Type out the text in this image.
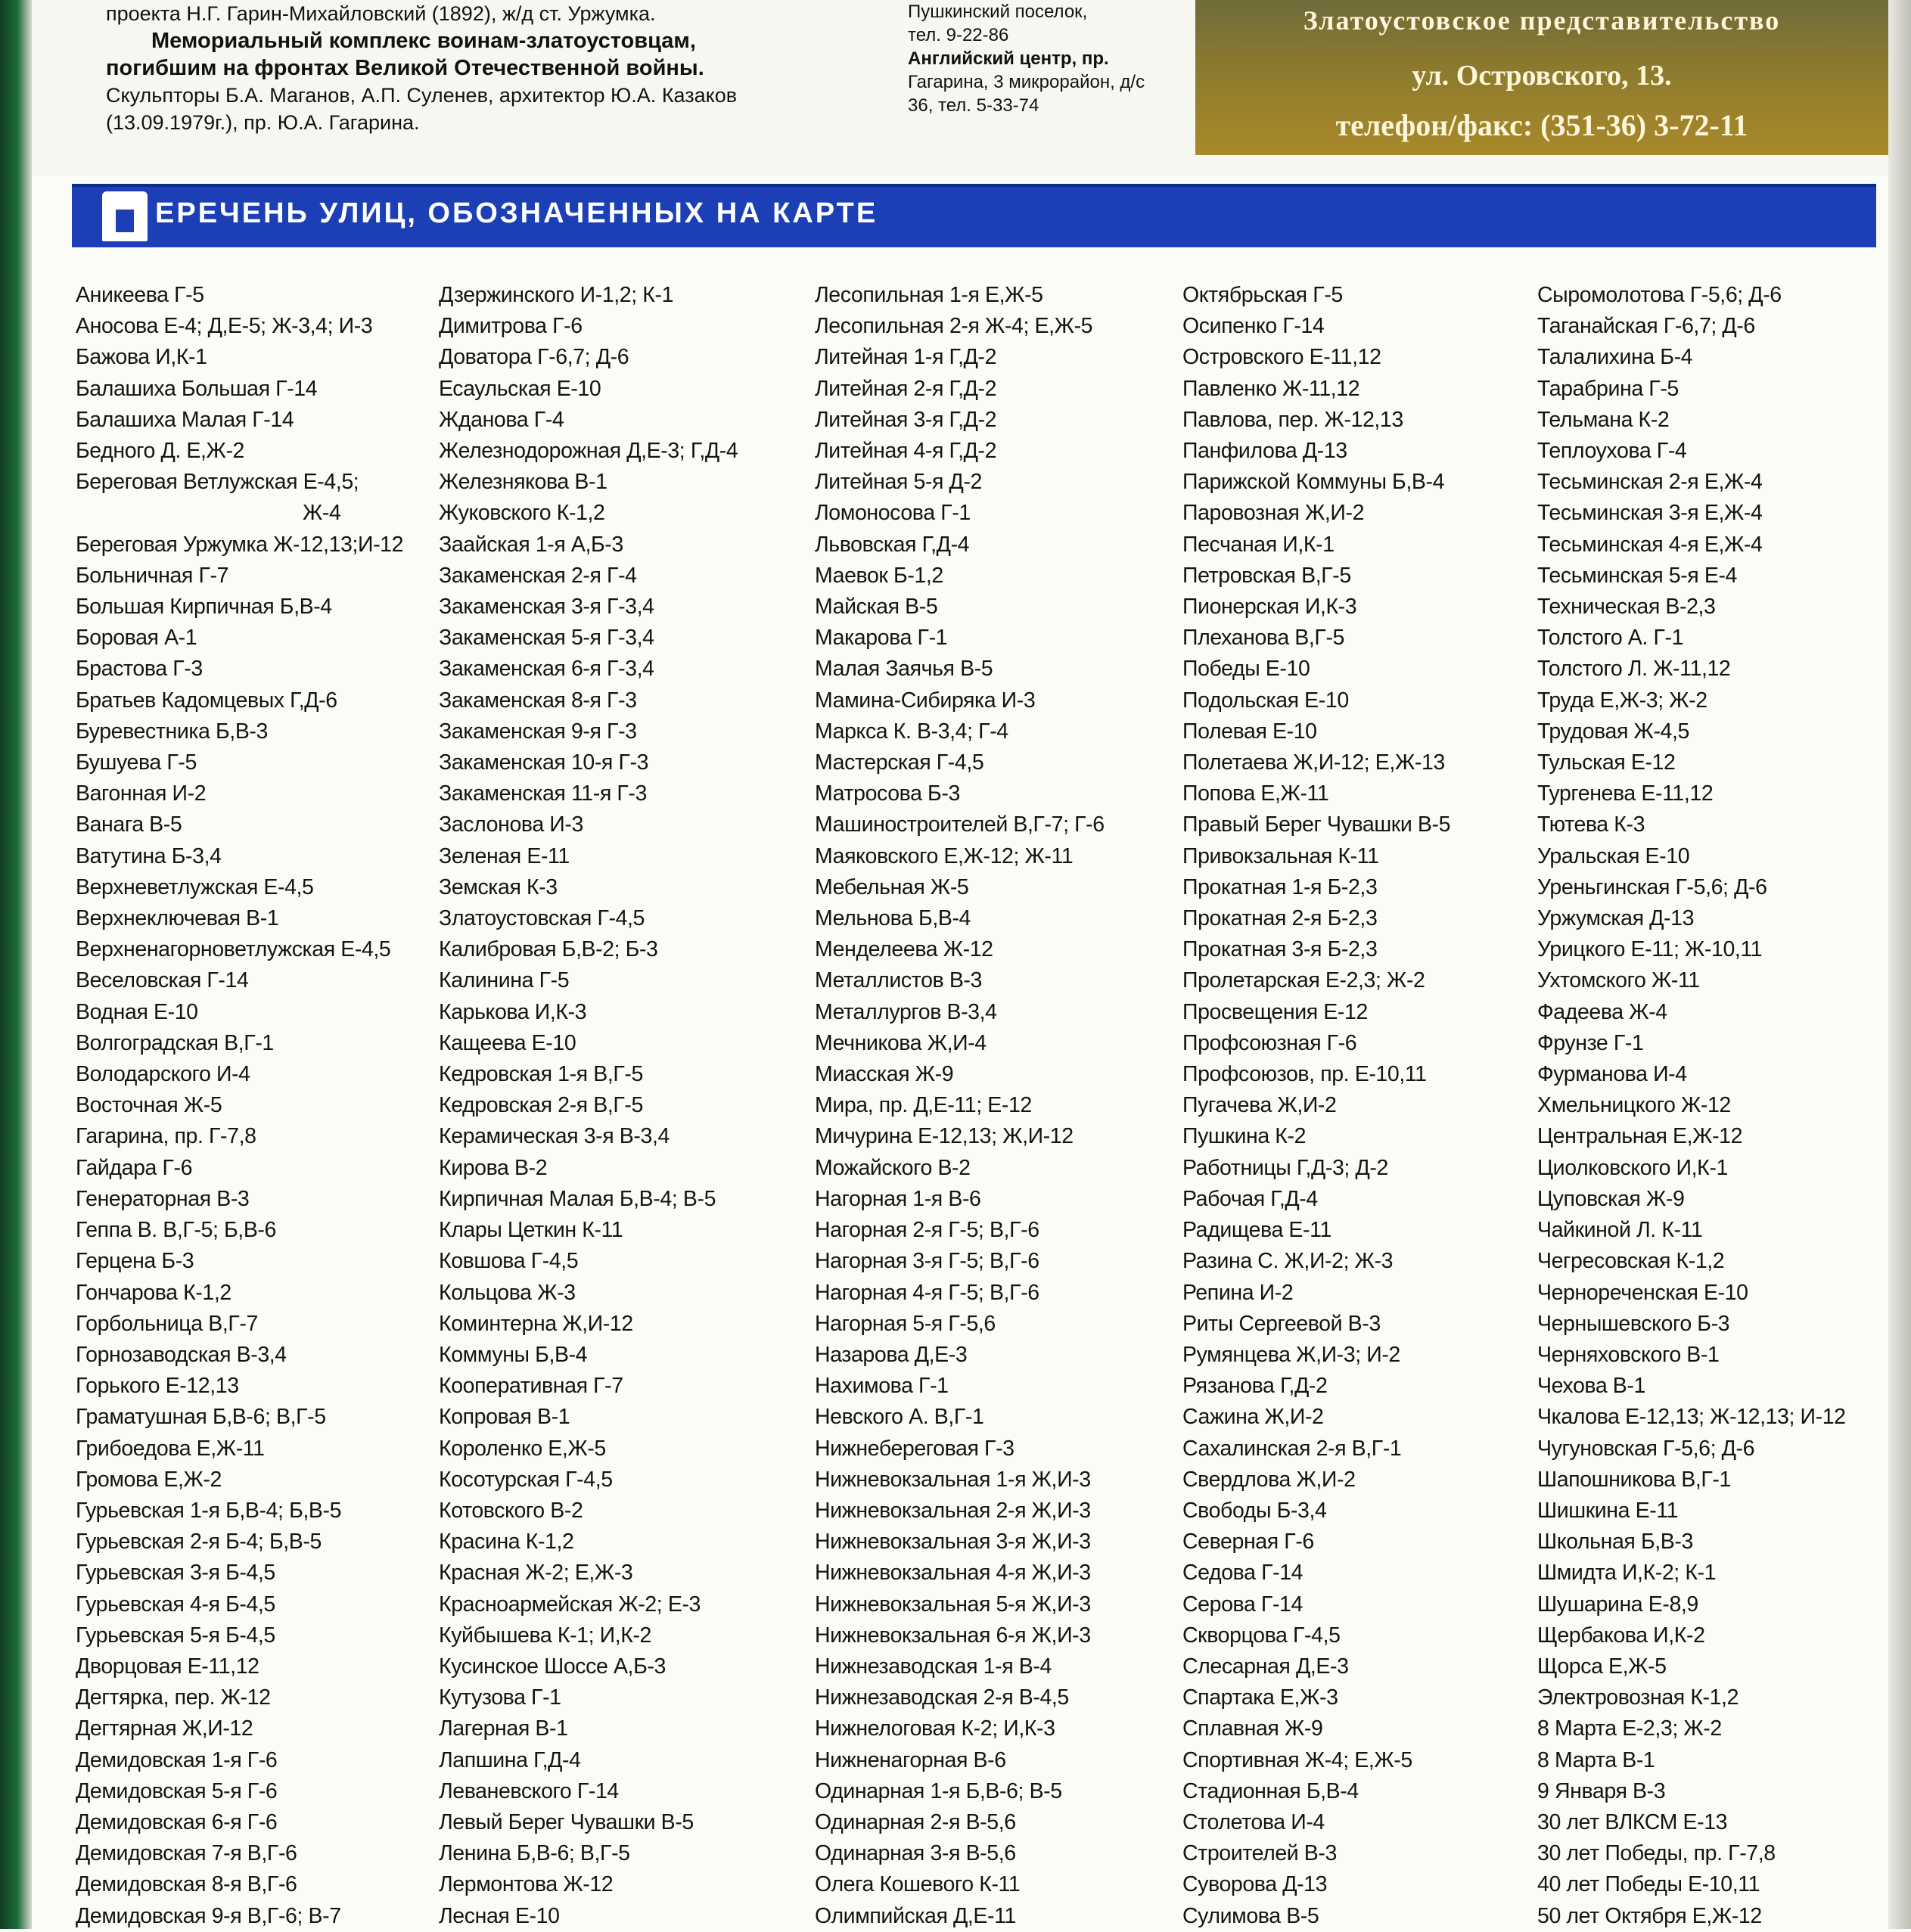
проекта Н.Г. Гарин-Михайловский (1892), ж/д ст. Уржумка.
Мемориальный комплекс воинам-златоустовцам,
погибшим на фронтах Великой Отечественной войны.
Скульпторы Б.А. Маганов, А.П. Суленев, архитектор Ю.А. Казаков
(13.09.1979г.), пр. Ю.А. Гагарина.
Пушкинский поселок,
тел. 9-22-86
Английский центр, пр.
Гагарина, 3 микрорайон, д/с
36, тел. 5-33-74
Златоустовское представительство
ул. Островского, 13.
телефон/факс: (351-36) 3-72-11
ЕРЕЧЕНЬ УЛИЦ, ОБОЗНАЧЕННЫХ НА КАРТЕ
Аникеева Г-5
Аносова Е-4; Д,Е-5; Ж-3,4; И-3
Бажова И,К-1
Балашиха Большая Г-14
Балашиха Малая Г-14
Бедного Д. Е,Ж-2
Береговая Ветлужская Е-4,5;
Ж-4
Береговая Уржумка Ж-12,13;И-12
Больничная Г-7
Большая Кирпичная Б,В-4
Боровая А-1
Брастова Г-3
Братьев Кадомцевых Г,Д-6
Буревестника Б,В-3
Бушуева Г-5
Вагонная И-2
Ванага В-5
Ватутина Б-3,4
Верхневетлужская Е-4,5
Верхнеключевая В-1
Верхненагорноветлужская Е-4,5
Веселовская Г-14
Водная Е-10
Волгоградская В,Г-1
Володарского И-4
Восточная Ж-5
Гагарина, пр. Г-7,8
Гайдара Г-6
Генераторная В-3
Геппа В. В,Г-5; Б,В-6
Герцена Б-3
Гончарова К-1,2
Горбольница В,Г-7
Горнозаводская В-3,4
Горького Е-12,13
Граматушная Б,В-6; В,Г-5
Грибоедова Е,Ж-11
Громова Е,Ж-2
Гурьевская 1-я Б,В-4; Б,В-5
Гурьевская 2-я Б-4; Б,В-5
Гурьевская 3-я Б-4,5
Гурьевская 4-я Б-4,5
Гурьевская 5-я Б-4,5
Дворцовая Е-11,12
Дегтярка, пер. Ж-12
Дегтярная Ж,И-12
Демидовская 1-я Г-6
Демидовская 5-я Г-6
Демидовская 6-я Г-6
Демидовская 7-я В,Г-6
Демидовская 8-я В,Г-6
Демидовская 9-я В,Г-6; В-7
Дзержинского И-1,2; К-1
Димитрова Г-6
Доватора Г-6,7; Д-6
Есаульская Е-10
Жданова Г-4
Железнодорожная Д,Е-3; Г,Д-4
Железнякова В-1
Жуковского К-1,2
Заайская 1-я А,Б-3
Закаменская 2-я Г-4
Закаменская 3-я Г-3,4
Закаменская 5-я Г-3,4
Закаменская 6-я Г-3,4
Закаменская 8-я Г-3
Закаменская 9-я Г-3
Закаменская 10-я Г-3
Закаменская 11-я Г-3
Заслонова И-3
Зеленая Е-11
Земская К-3
Златоустовская Г-4,5
Калибровая Б,В-2; Б-3
Калинина Г-5
Карькова И,К-3
Кащеева Е-10
Кедровская 1-я В,Г-5
Кедровская 2-я В,Г-5
Керамическая 3-я В-3,4
Кирова В-2
Кирпичная Малая Б,В-4; В-5
Клары Цеткин К-11
Ковшова Г-4,5
Кольцова Ж-3
Коминтерна Ж,И-12
Коммуны Б,В-4
Кооперативная Г-7
Копровая В-1
Короленко Е,Ж-5
Косотурская Г-4,5
Котовского В-2
Красина К-1,2
Красная Ж-2; Е,Ж-3
Красноармейская Ж-2; Е-3
Куйбышева К-1; И,К-2
Кусинское Шоссе А,Б-3
Кутузова Г-1
Лагерная В-1
Лапшина Г,Д-4
Леваневского Г-14
Левый Берег Чувашки В-5
Ленина Б,В-6; В,Г-5
Лермонтова Ж-12
Лесная Е-10
Лесопильная 1-я Е,Ж-5
Лесопильная 2-я Ж-4; Е,Ж-5
Литейная 1-я Г,Д-2
Литейная 2-я Г,Д-2
Литейная 3-я Г,Д-2
Литейная 4-я Г,Д-2
Литейная 5-я Д-2
Ломоносова Г-1
Львовская Г,Д-4
Маевок Б-1,2
Майская В-5
Макарова Г-1
Малая Заячья В-5
Мамина-Сибиряка И-3
Маркса К. В-3,4; Г-4
Мастерская Г-4,5
Матросова Б-3
Машиностроителей В,Г-7; Г-6
Маяковского Е,Ж-12; Ж-11
Мебельная Ж-5
Мельнова Б,В-4
Менделеева Ж-12
Металлистов В-3
Металлургов В-3,4
Мечникова Ж,И-4
Миасская Ж-9
Мира, пр. Д,Е-11; Е-12
Мичурина Е-12,13; Ж,И-12
Можайского В-2
Нагорная 1-я В-6
Нагорная 2-я Г-5; В,Г-6
Нагорная 3-я Г-5; В,Г-6
Нагорная 4-я Г-5; В,Г-6
Нагорная 5-я Г-5,6
Назарова Д,Е-3
Нахимова Г-1
Невского А. В,Г-1
Нижнебереговая Г-3
Нижневокзальная 1-я Ж,И-3
Нижневокзальная 2-я Ж,И-3
Нижневокзальная 3-я Ж,И-3
Нижневокзальная 4-я Ж,И-3
Нижневокзальная 5-я Ж,И-3
Нижневокзальная 6-я Ж,И-3
Нижнезаводская 1-я В-4
Нижнезаводская 2-я В-4,5
Нижнелоговая К-2; И,К-3
Нижненагорная В-6
Одинарная 1-я Б,В-6; В-5
Одинарная 2-я В-5,6
Одинарная 3-я В-5,6
Олега Кошевого К-11
Олимпийская Д,Е-11
Октябрьская Г-5
Осипенко Г-14
Островского Е-11,12
Павленко Ж-11,12
Павлова, пер. Ж-12,13
Панфилова Д-13
Парижской Коммуны Б,В-4
Паровозная Ж,И-2
Песчаная И,К-1
Петровская В,Г-5
Пионерская И,К-3
Плеханова В,Г-5
Победы Е-10
Подольская Е-10
Полевая Е-10
Полетаева Ж,И-12; Е,Ж-13
Попова Е,Ж-11
Правый Берег Чувашки В-5
Привокзальная К-11
Прокатная 1-я Б-2,3
Прокатная 2-я Б-2,3
Прокатная 3-я Б-2,3
Пролетарская Е-2,3; Ж-2
Просвещения Е-12
Профсоюзная Г-6
Профсоюзов, пр. Е-10,11
Пугачева Ж,И-2
Пушкина К-2
Работницы Г,Д-3; Д-2
Рабочая Г,Д-4
Радищева Е-11
Разина С. Ж,И-2; Ж-3
Репина И-2
Риты Сергеевой В-3
Румянцева Ж,И-3; И-2
Рязанова Г,Д-2
Сажина Ж,И-2
Сахалинская 2-я В,Г-1
Свердлова Ж,И-2
Свободы Б-3,4
Северная Г-6
Седова Г-14
Серова Г-14
Скворцова Г-4,5
Слесарная Д,Е-3
Спартака Е,Ж-3
Сплавная Ж-9
Спортивная Ж-4; Е,Ж-5
Стадионная Б,В-4
Столетова И-4
Строителей В-3
Суворова Д-13
Сулимова В-5
Сыромолотова Г-5,6; Д-6
Таганайская Г-6,7; Д-6
Талалихина Б-4
Тарабрина Г-5
Тельмана К-2
Теплоухова Г-4
Тесьминская 2-я Е,Ж-4
Тесьминская 3-я Е,Ж-4
Тесьминская 4-я Е,Ж-4
Тесьминская 5-я Е-4
Техническая В-2,3
Толстого А. Г-1
Толстого Л. Ж-11,12
Труда Е,Ж-3; Ж-2
Трудовая Ж-4,5
Тульская Е-12
Тургенева Е-11,12
Тютева К-3
Уральская Е-10
Уреньгинская Г-5,6; Д-6
Уржумская Д-13
Урицкого Е-11; Ж-10,11
Ухтомского Ж-11
Фадеева Ж-4
Фрунзе Г-1
Фурманова И-4
Хмельницкого Ж-12
Центральная Е,Ж-12
Циолковского И,К-1
Цуповская Ж-9
Чайкиной Л. К-11
Чегресовская К-1,2
Чернореченская Е-10
Чернышевского Б-3
Черняховского В-1
Чехова В-1
Чкалова Е-12,13; Ж-12,13; И-12
Чугуновская Г-5,6; Д-6
Шапошникова В,Г-1
Шишкина Е-11
Школьная Б,В-3
Шмидта И,К-2; К-1
Шушарина Е-8,9
Щербакова И,К-2
Щорса Е,Ж-5
Электровозная К-1,2
8 Марта Е-2,3; Ж-2
8 Марта В-1
9 Января В-3
30 лет ВЛКСМ Е-13
30 лет Победы, пр. Г-7,8
40 лет Победы Е-10,11
50 лет Октября Е,Ж-12
